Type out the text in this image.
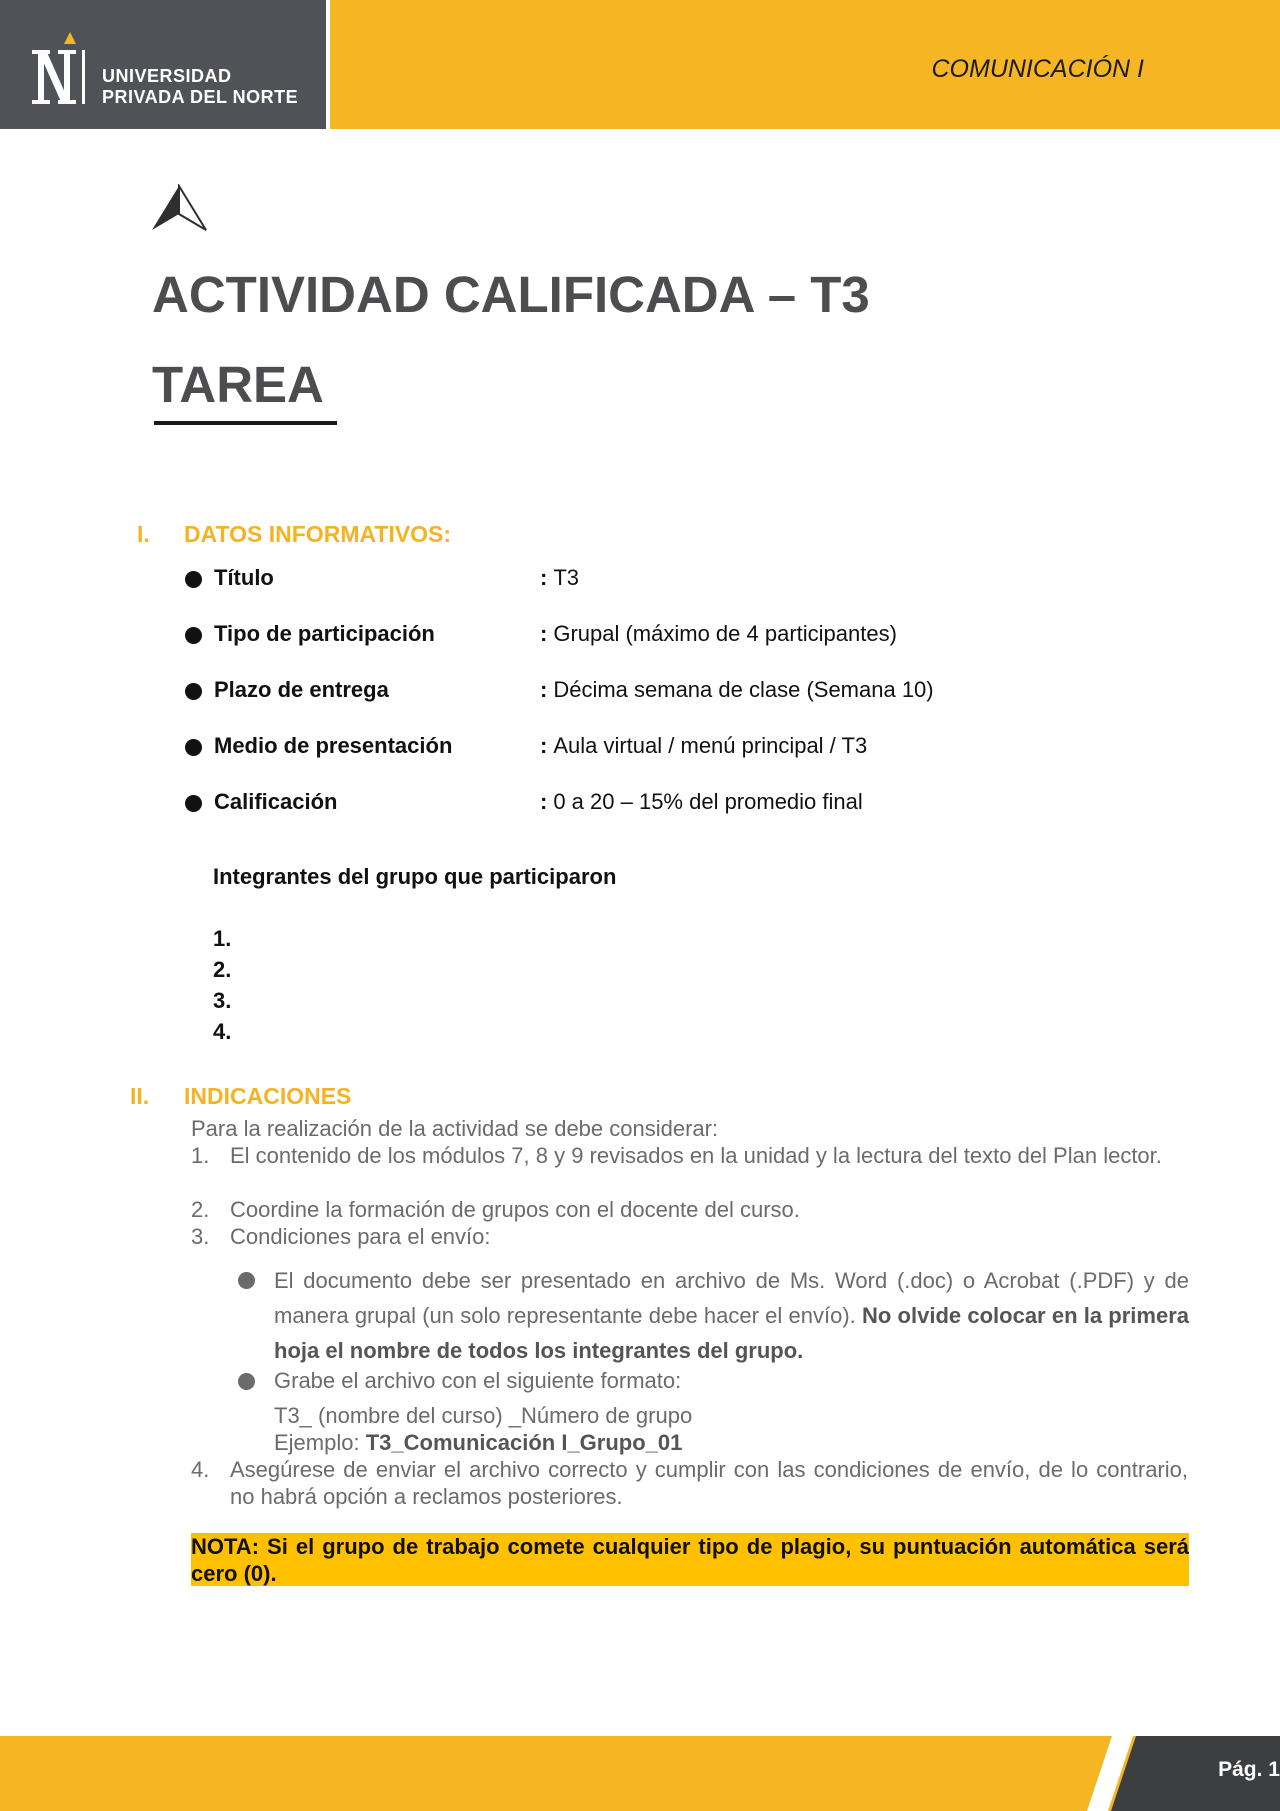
UNIVERSIDAD
PRIVADA DEL NORTE
COMUNICACIÓN I
ACTIVIDAD CALIFICADA – T3
TAREA
I. DATOS INFORMATIVOS:
Título	: T3
Tipo de participación	: Grupal (máximo de 4 participantes)
Plazo de entrega	: Décima semana de clase (Semana 10)
Medio de presentación	: Aula virtual / menú principal / T3
Calificación	: 0 a 20 – 15% del promedio final
Integrantes del grupo que participaron
1.
2.
3.
4.
II. INDICACIONES
Para la realización de la actividad se debe considerar:
1. El contenido de los módulos 7, 8 y 9 revisados en la unidad y la lectura del texto del Plan lector.
2. Coordine la formación de grupos con el docente del curso.
3. Condiciones para el envío:
El documento debe ser presentado en archivo de Ms. Word (.doc) o Acrobat (.PDF) y de manera grupal (un solo representante debe hacer el envío). No olvide colocar en la primera hoja el nombre de todos los integrantes del grupo.
Grabe el archivo con el siguiente formato:
T3_ (nombre del curso) _Número de grupo
Ejemplo: T3_Comunicación I_Grupo_01
4. Asegúrese de enviar el archivo correcto y cumplir con las condiciones de envío, de lo contrario, no habrá opción a reclamos posteriores.
NOTA: Si el grupo de trabajo comete cualquier tipo de plagio, su puntuación automática será cero (0).
Pág. 1
